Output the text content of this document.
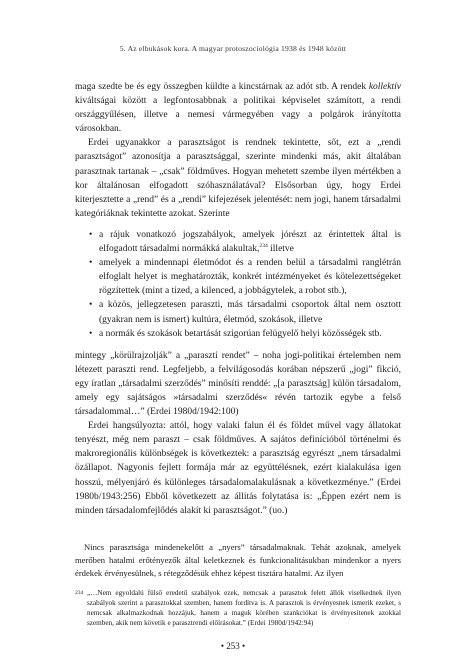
5. Az elbukások kora. A magyar protoszociológia 1938 és 1948 között

maga szedte be és egy összegben küldte a kincstárnak az adót stb. A rendek kollektív kiváltságai között a legfontosabbnak a politikai képviselet számított, a rendi országgyűlésen, illetve a nemesi vármegyében vagy a polgárok irányította városokban.

Erdei ugyanakkor a parasztságot is rendnek tekintette, sőt, ezt a „rendi parasztságot” azonosítja a parasztsággal, szerinte mindenki más, akit általában parasztnak tartanak – „csak” földműves. Hogyan mehetett szembe ilyen mértékben a kor általánosan elfogadott szóhasználatával? Elsősorban úgy, hogy Erdei kiterjesztette a „rend” és a „rendi” kifejezések jelentését: nem jogi, hanem társadalmi kategóriáknak tekintette azokat. Szerinte

• a rájuk vonatkozó jogszabályok, amelyek jórészt az érintettek által is elfogadott társadalmi normákká alakultak,$^{234}$ illetve
• amelyek a mindennapi életmódot és a renden belül a társadalmi ranglétrán elfoglalt helyet is meghatározták, konkrét intézményeket és kötelezettségeket rögzítettek (mint a tized, a kilenced, a jobbágytelek, a robot stb.),
• a közös, jellegzetesen paraszti, más társadalmi csoportok által nem osztott (gyakran nem is ismert) kultúra, életmód, szokások, illetve
• a normák és szokások betartását szigorúan felügyelő helyi közösségek stb.

mintegy „körülrajzolják” a „paraszti rendet” – noha jogi-politikai értelemben nem létezett paraszti rend. Legfeljebb, a felvilágosodás korában népszerű „jogi” fikció, egy íratlan „társadalmi szerződés” minősíti renddé: „[a parasztság] külön társadalom, amely egy sajátságos »társadalmi szerződés« révén tartozik egybe a felső társadalommal…” (Erdei 1980d/1942:100)

Erdei hangsúlyozta: attól, hogy valaki falun él és földet művel vagy állatokat tenyészt, még nem paraszt – csak földműves. A sajátos definícióból történelmi és makroregionális különbségek is következtek: a parasztság egyrészt „nem társadalmi özállapot. Nagyonis fejlett formája már az együttélésnek, ezért kialakulása igen hosszú, mélyenjáró és különleges társadalomalakulásnak a következménye.” (Erdei 1980b/1943:256) Ebből következett az állítás folytatása is: „Éppen ezért nem is minden társadalomfejlődés alakít ki parasztságot.” (uo.)

Nincs parasztsága mindenekelőtt a „nyers” társadalmaknak. Tehát azoknak, amelyek merőben hatalmi erőtényezők által keletkeznek és funkcionalitásukban mindenkor a nyers érdekek érvényesülnek, s rétegződésük ehhez képest tisztára hatalmi. Az ilyen

234 „…Nem egyoldalú fülső eredetű szabályok ezek, nemcsak a parasztok felett állók viselkednek ilyen szabályok szerint a parasztokkal szemben, hanem fordítva is. A parasztok is érvényesnek ismerik ezeket, s nemcsak alkalmazkodnak hozzájuk, hanem a maguk körében szankciókat is érvényesítenek azokkal szemben, akik nem követik e parasztrendi előírásokat.” (Erdei 1980d/1942:94)
• 253 •
